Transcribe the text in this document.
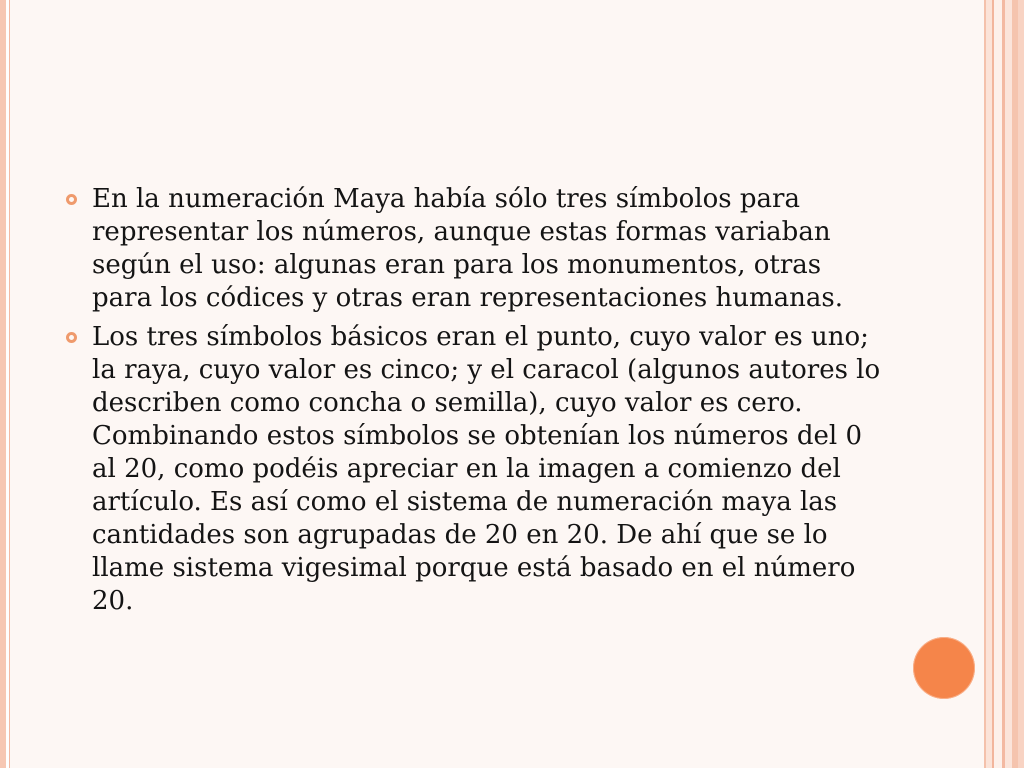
En la numeración Maya había sólo tres símbolos para representar los números, aunque estas formas variaban según el uso: algunas eran para los monumentos, otras para los códices y otras eran representaciones humanas.
Los tres símbolos básicos eran el punto, cuyo valor es uno; la raya, cuyo valor es cinco; y el caracol (algunos autores lo describen como concha o semilla), cuyo valor es cero. Combinando estos símbolos se obtenían los números del 0 al 20, como podéis apreciar en la imagen a comienzo del artículo. Es así como el sistema de numeración maya las cantidades son agrupadas de 20 en 20. De ahí que se lo llame sistema vigesimal porque está basado en el número 20.
